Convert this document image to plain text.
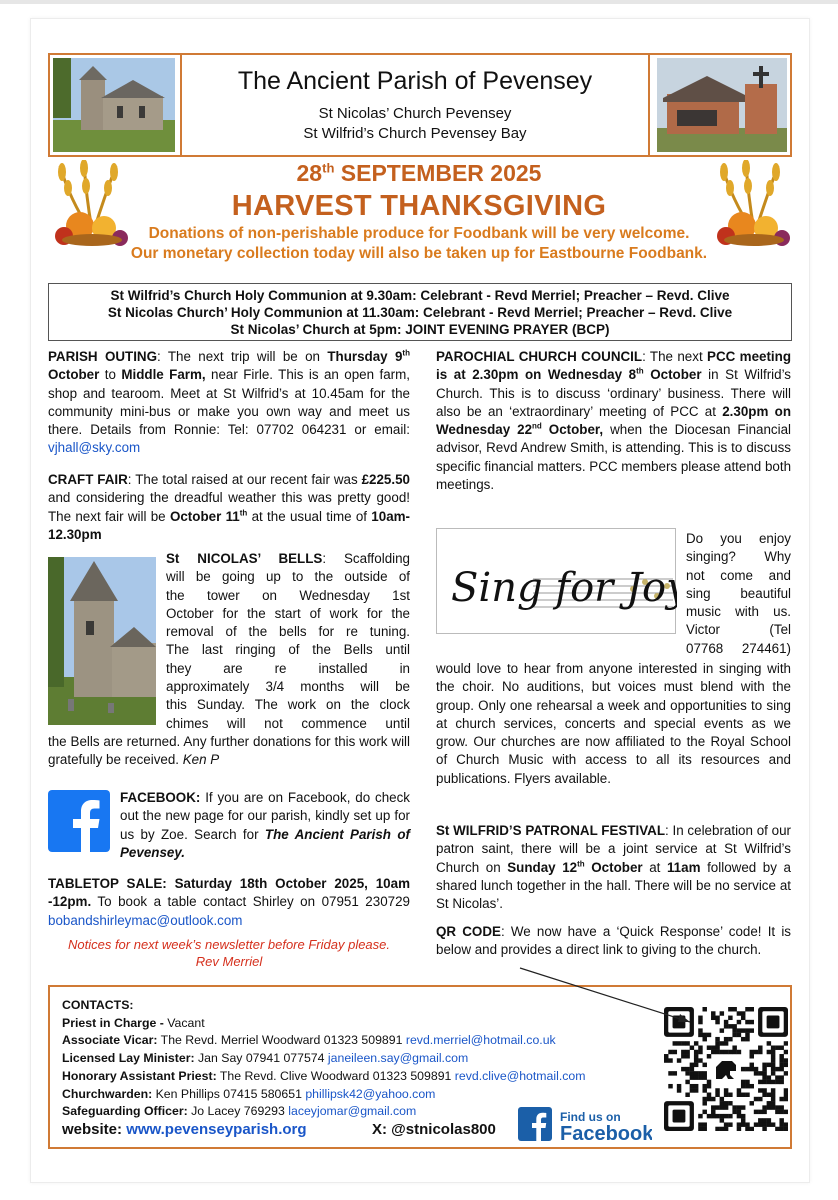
The Ancient Parish of Pevensey
St Nicolas’ Church Pevensey
St Wilfrid’s Church Pevensey Bay
28th SEPTEMBER 2025
HARVEST THANKSGIVING
Donations of non-perishable produce for Foodbank will be very welcome.
Our monetary collection today will also be taken up for Eastbourne Foodbank.
St Wilfrid’s Church Holy Communion at 9.30am: Celebrant - Revd Merriel; Preacher – Revd. Clive
St Nicolas Church’ Holy Communion at 11.30am: Celebrant - Revd Merriel; Preacher – Revd. Clive
St Nicolas’ Church at 5pm: JOINT EVENING PRAYER (BCP)

PARISH OUTING: The next trip will be on Thursday 9th October to Middle Farm, near Firle. This is an open farm, shop and tearoom. Meet at St Wilfrid’s at 10.45am for the community mini-bus or make you own way and meet us there. Details from Ronnie: Tel: 07702 064231 or email: vjhall@sky.com

CRAFT FAIR: The total raised at our recent fair was £225.50 and considering the dreadful weather this was pretty good! The next fair will be October 11th at the usual time of 10am-12.30pm

St NICOLAS’ BELLS: Scaffolding
will be going up to the outside of
the tower on Wednesday 1st
October for the start of work for the
removal of the bells for re tuning.
The last ringing of the Bells until
they are re installed in
approximately 3/4 months will be
this Sunday. The work on the clock
chimes will not commence until

the Bells are returned. Any further donations for this work will gratefully be received. Ken P

FACEBOOK: If you are on Facebook, do check out the new page for our parish, kindly set up for us by Zoe. Search for The Ancient Parish of Pevensey.

TABLETOP SALE: Saturday 18th October 2025, 10am -12pm. To book a table contact Shirley on 07951 230729 bobandshirleymac@outlook.com

Notices for next week’s newsletter before Friday please.
Rev Merriel

PAROCHIAL CHURCH COUNCIL: The next PCC meeting is at 2.30pm on Wednesday 8th October in St Wilfrid’s Church. This is to discuss ‘ordinary’ business. There will also be an ‘extraordinary’ meeting of PCC at 2.30pm on Wednesday 22nd October, when the Diocesan Financial advisor, Revd Andrew Smith, is attending. This is to discuss specific financial matters. PCC members please attend both meetings.

Sing for Joy
Do you enjoy
singing? Why
not come and
sing beautiful
music with us.
Victor (Tel
07768 274461)

would love to hear from anyone interested in singing with the choir. No auditions, but voices must blend with the group. Only one rehearsal a week and opportunities to sing at church services, concerts and special events as we grow. Our churches are now affiliated to the Royal School of Church Music with access to all its resources and publications. Flyers available.

St WILFRID’S PATRONAL FESTIVAL: In celebration of our patron saint, there will be a joint service at St Wilfrid’s Church on Sunday 12th October at 11am followed by a shared lunch together in the hall. There will be no service at St Nicolas’.

QR CODE: We now have a ‘Quick Response’ code! It is below and provides a direct link to giving to the church.

CONTACTS:
Priest in Charge - Vacant
Associate Vicar: The Revd. Merriel Woodward 01323 509891 revd.merriel@hotmail.co.uk
Licensed Lay Minister: Jan Say 07941 077574 janeileen.say@gmail.com
Honorary Assistant Priest: The Revd. Clive Woodward 01323 509891 revd.clive@hotmail.com
Churchwarden: Ken Phillips 07415 580651 phillipsk42@yahoo.com
Safeguarding Officer: Jo Lacey 769293 laceyjomar@gmail.com
website: www.pevenseyparish.org	X: @stnicolas800
Find us on
Facebook
